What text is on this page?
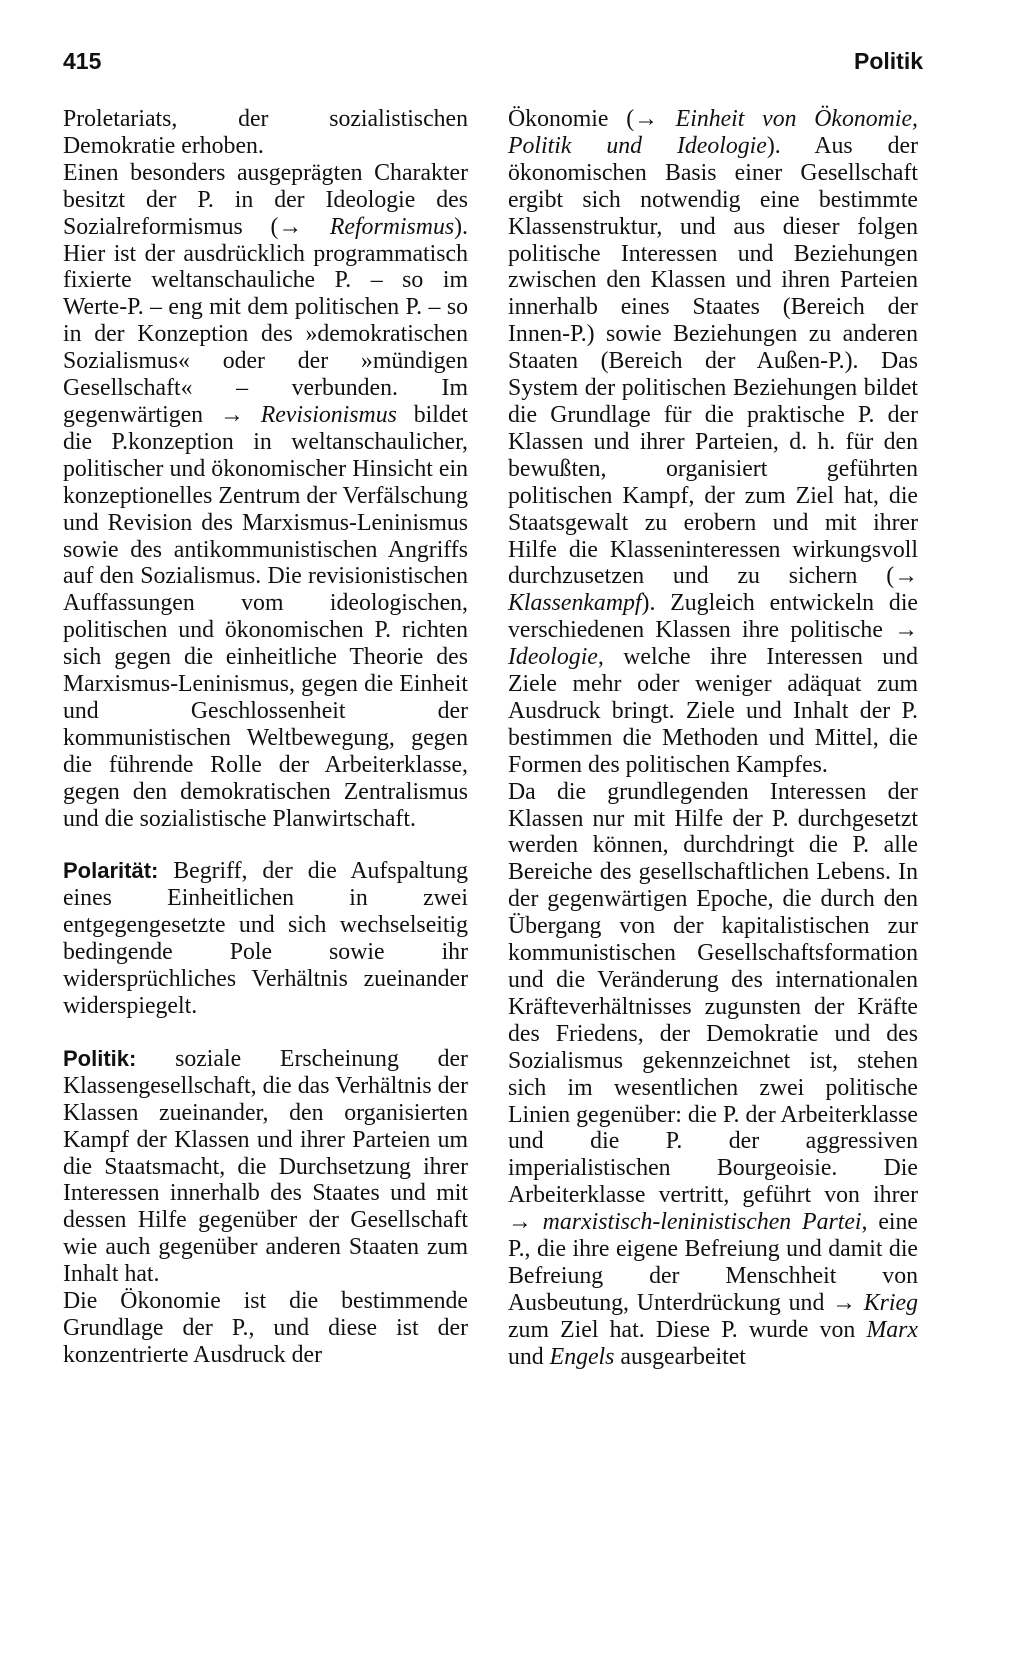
415	Politik

Proletariats, der sozialistischen Demokratie erhoben.

Einen besonders ausgeprägten Charakter besitzt der P. in der Ideologie des Sozialreformismus (→ Reformismus). Hier ist der ausdrücklich programmatisch fixierte weltanschauliche P. – so im Werte-P. – eng mit dem politischen P. – so in der Konzeption des »demokratischen Sozialismus« oder der »mündigen Gesellschaft« – verbunden. Im gegenwärtigen → Revisionismus bildet die P.konzeption in weltanschaulicher, politischer und ökonomischer Hinsicht ein konzeptionelles Zentrum der Verfälschung und Revision des Marxismus-Leninismus sowie des antikommunistischen Angriffs auf den Sozialismus. Die revisionistischen Auffassungen vom ideologischen, politischen und ökonomischen P. richten sich gegen die einheitliche Theorie des Marxismus-Leninismus, gegen die Einheit und Geschlossenheit der kommunistischen Weltbewegung, gegen die führende Rolle der Arbeiterklasse, gegen den demokratischen Zentralismus und die sozialistische Planwirtschaft.

Polarität: Begriff, der die Aufspaltung eines Einheitlichen in zwei entgegengesetzte und sich wechselseitig bedingende Pole sowie ihr widersprüchliches Verhältnis zueinander widerspiegelt.

Politik: soziale Erscheinung der Klassengesellschaft, die das Verhältnis der Klassen zueinander, den organisierten Kampf der Klassen und ihrer Parteien um die Staatsmacht, die Durchsetzung ihrer Interessen innerhalb des Staates und mit dessen Hilfe gegenüber der Gesellschaft wie auch gegenüber anderen Staaten zum Inhalt hat.

Die Ökonomie ist die bestimmende Grundlage der P., und diese ist der konzentrierte Ausdruck der

Ökonomie (→ Einheit von Ökonomie, Politik und Ideologie). Aus der ökonomischen Basis einer Gesellschaft ergibt sich notwendig eine bestimmte Klassenstruktur, und aus dieser folgen politische Interessen und Beziehungen zwischen den Klassen und ihren Parteien innerhalb eines Staates (Bereich der Innen-P.) sowie Beziehungen zu anderen Staaten (Bereich der Außen-P.). Das System der politischen Beziehungen bildet die Grundlage für die praktische P. der Klassen und ihrer Parteien, d. h. für den bewußten, organisiert geführten politischen Kampf, der zum Ziel hat, die Staatsgewalt zu erobern und mit ihrer Hilfe die Klasseninteressen wirkungsvoll durchzusetzen und zu sichern (→ Klassenkampf). Zugleich entwickeln die verschiedenen Klassen ihre politische → Ideologie, welche ihre Interessen und Ziele mehr oder weniger adäquat zum Ausdruck bringt. Ziele und Inhalt der P. bestimmen die Methoden und Mittel, die Formen des politischen Kampfes.

Da die grundlegenden Interessen der Klassen nur mit Hilfe der P. durchgesetzt werden können, durchdringt die P. alle Bereiche des gesellschaftlichen Lebens. In der gegenwärtigen Epoche, die durch den Übergang von der kapitalistischen zur kommunistischen Gesellschaftsformation und die Veränderung des internationalen Kräfteverhältnisses zugunsten der Kräfte des Friedens, der Demokratie und des Sozialismus gekennzeichnet ist, stehen sich im wesentlichen zwei politische Linien gegenüber: die P. der Arbeiterklasse und die P. der aggressiven imperialistischen Bourgeoisie. Die Arbeiterklasse vertritt, geführt von ihrer → marxistisch-leninistischen Partei, eine P., die ihre eigene Befreiung und damit die Befreiung der Menschheit von Ausbeutung, Unterdrückung und → Krieg zum Ziel hat. Diese P. wurde von Marx und Engels ausgearbeitet
